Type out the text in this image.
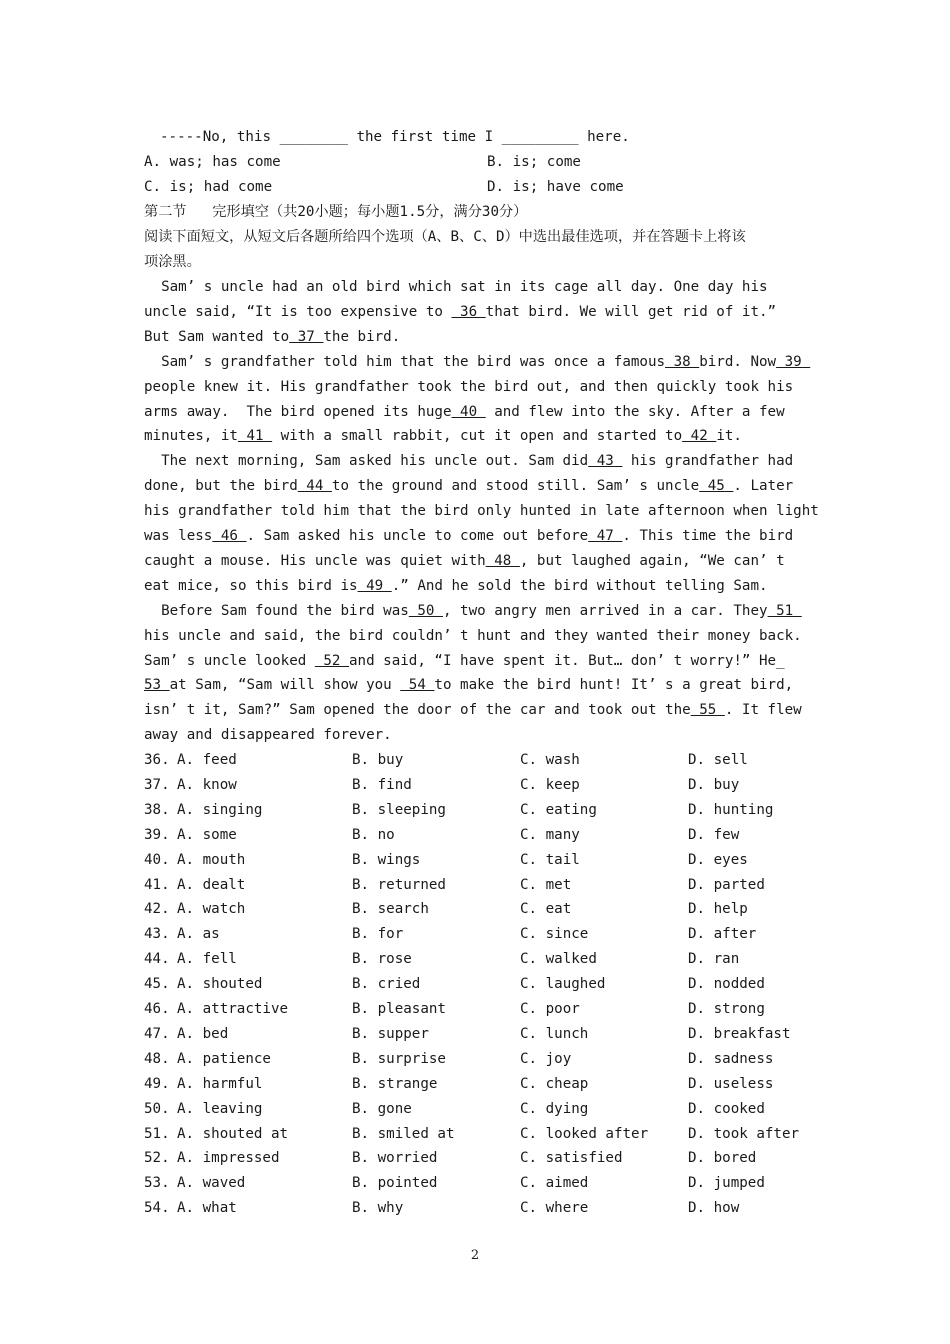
-----No, this ________ the first time I _________ here.
A. was; has come	B. is; come
C. is; had come	D. is; have come
第二节   完形填空（共20小题；每小题1.5分，满分30分）
阅读下面短文，从短文后各题所给四个选项（A、B、C、D）中选出最佳选项，并在答题卡上将该
项涂黑。
Sam’ s uncle had an old bird which sat in its cage all day. One day his
uncle said, “It is too expensive to  36 that bird. We will get rid of it.”
But Sam wanted to 37 the bird.
Sam’ s grandfather told him that the bird was once a famous 38 bird. Now 39
people knew it. His grandfather took the bird out, and then quickly took his
arms away.  The bird opened its huge 40  and flew into the sky. After a few
minutes, it 41  with a small rabbit, cut it open and started to 42 it.
The next morning, Sam asked his uncle out. Sam did 43  his grandfather had
done, but the bird 44 to the ground and stood still. Sam’ s uncle 45 . Later
his grandfather told him that the bird only hunted in late afternoon when light
was less 46 . Sam asked his uncle to come out before 47 . This time the bird
caught a mouse. His uncle was quiet with 48 , but laughed again, “We can’ t
eat mice, so this bird is 49 .” And he sold the bird without telling Sam.
Before Sam found the bird was 50 , two angry men arrived in a car. They 51
his uncle and said, the bird couldn’ t hunt and they wanted their money back.
Sam’ s uncle looked  52 and said, “I have spent it. But… don’ t worry!” He_
53 at Sam, “Sam will show you  54 to make the bird hunt! It’ s a great bird,
isn’ t it, Sam?” Sam opened the door of the car and took out the 55 . It flew
away and disappeared forever.
36. A. feed	B. buy	C. wash	D. sell
37. A. know	B. find	C. keep	D. buy
38. A. singing	B. sleeping	C. eating	D. hunting
39. A. some	B. no	C. many	D. few
40. A. mouth	B. wings	C. tail	D. eyes
41. A. dealt	B. returned	C. met	D. parted
42. A. watch	B. search	C. eat	D. help
43. A. as	B. for	C. since	D. after
44. A. fell	B. rose	C. walked	D. ran
45. A. shouted	B. cried	C. laughed	D. nodded
46. A. attractive	B. pleasant	C. poor	D. strong
47. A. bed	B. supper	C. lunch	D. breakfast
48. A. patience	B. surprise	C. joy	D. sadness
49. A. harmful	B. strange	C. cheap	D. useless
50. A. leaving	B. gone	C. dying	D. cooked
51. A. shouted at	B. smiled at	C. looked after	D. took after
52. A. impressed	B. worried	C. satisfied	D. bored
53. A. waved	B. pointed	C. aimed	D. jumped
54. A. what	B. why	C. where	D. how
2
